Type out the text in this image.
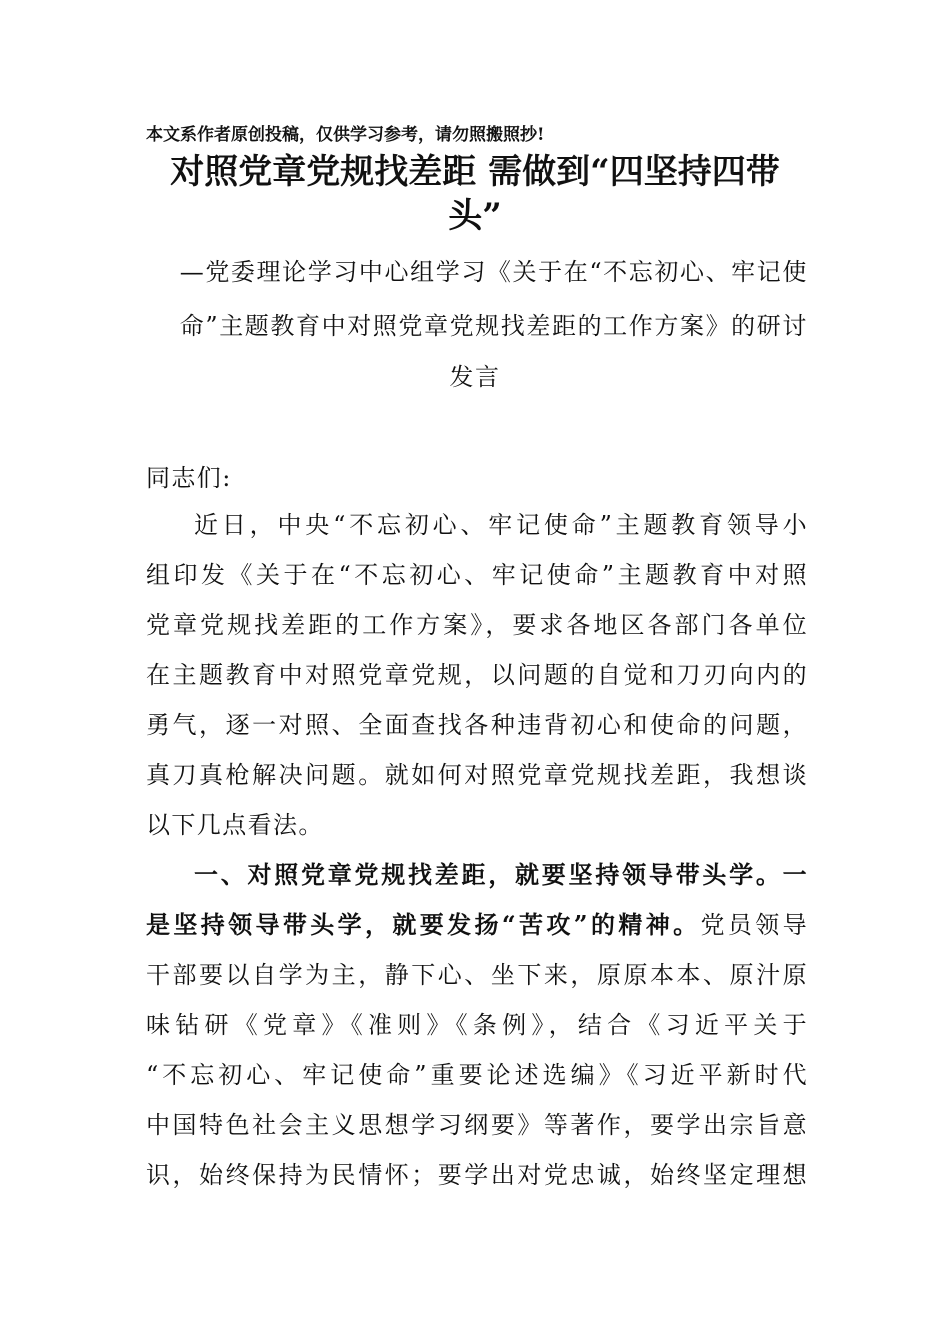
本文系作者原创投稿，仅供学习参考，请勿照搬照抄!
对照党章党规找差距 需做到“四坚持四带
头”
—党委理论学习中心组学习《关于在“不忘初心、牢记使
命”主题教育中对照党章党规找差距的工作方案》的研讨
发言
同志们:
近日，中央“不忘初心、牢记使命”主题教育领导小
组印发《关于在“不忘初心、牢记使命”主题教育中对照
党章党规找差距的工作方案》，要求各地区各部门各单位
在主题教育中对照党章党规，以问题的自觉和刀刃向内的
勇气，逐一对照、全面查找各种违背初心和使命的问题，
真刀真枪解决问题。就如何对照党章党规找差距，我想谈
以下几点看法。
一、对照党章党规找差距，就要坚持领导带头学。一
是坚持领导带头学，就要发扬“苦攻”的精神。党员领导
干部要以自学为主，静下心、坐下来，原原本本、原汁原
味钻研《党章》《准则》《条例》，结合《习近平关于
“不忘初心、牢记使命”重要论述选编》《习近平新时代
中国特色社会主义思想学习纲要》等著作，要学出宗旨意
识，始终保持为民情怀；要学出对党忠诚，始终坚定理想
